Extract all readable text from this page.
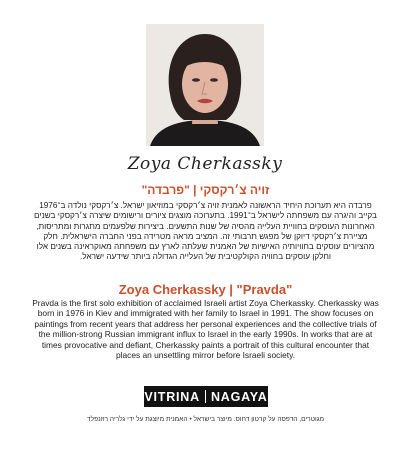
Zoya Cherkassky
זויה צ׳רקסקי | "פרבדה"

פרבדה היא תערוכת היחיד הראשונה לאמנית זויה צ׳רקסקי במוזיאון ישראל. צ׳רקסקי נולדה ב־1976 בקייב והיגרה עם משפחתה לישראל ב־1991. בתערוכה מוצגים ציורים ורישומים שיצרה צ׳רקסקי בשנים האחרונות העוסקים בחוויית העלייה מהסיה של שנות התשעים. ביצירות שלפעמים מתגרות ומתריסות, מציירת צ׳רקסקי דיוקן של מפגש תרבותי זה. המציב מראה מטרידה בפני החברה הישראלית. חלק מהציורים עוסקים בחוויותיה האישיות של האמנית שעלתה לארץ עם משפחתה מאוקראינה בשנים אלו וחלקן עוסקים בחוויה הקולקטיבית של העלייה הגדולה ביותר שידעה ישראל.

Zoya Cherkassky | "Pravda"

Pravda is the first solo exhibition of acclaimed Israeli artist Zoya Cherkassky. Cherkassky was born in 1976 in Kiev and immigrated with her family to Israel in 1991. The show focuses on paintings from recent years that address her personal experiences and the collective trials of the million-strong Russian immigrant influx to Israel in the early 1990s. In works that are at times provocative and defiant, Cherkassky paints a portrait of this cultural encounter that places an unsettling mirror before Israeli society.

VITRINA NAGAYA

מגוטרים, הדפסה על קרטון דחוס. מיוצר בישראל • האמנית מיוצגת על ידי גלריה רוזנפלד
